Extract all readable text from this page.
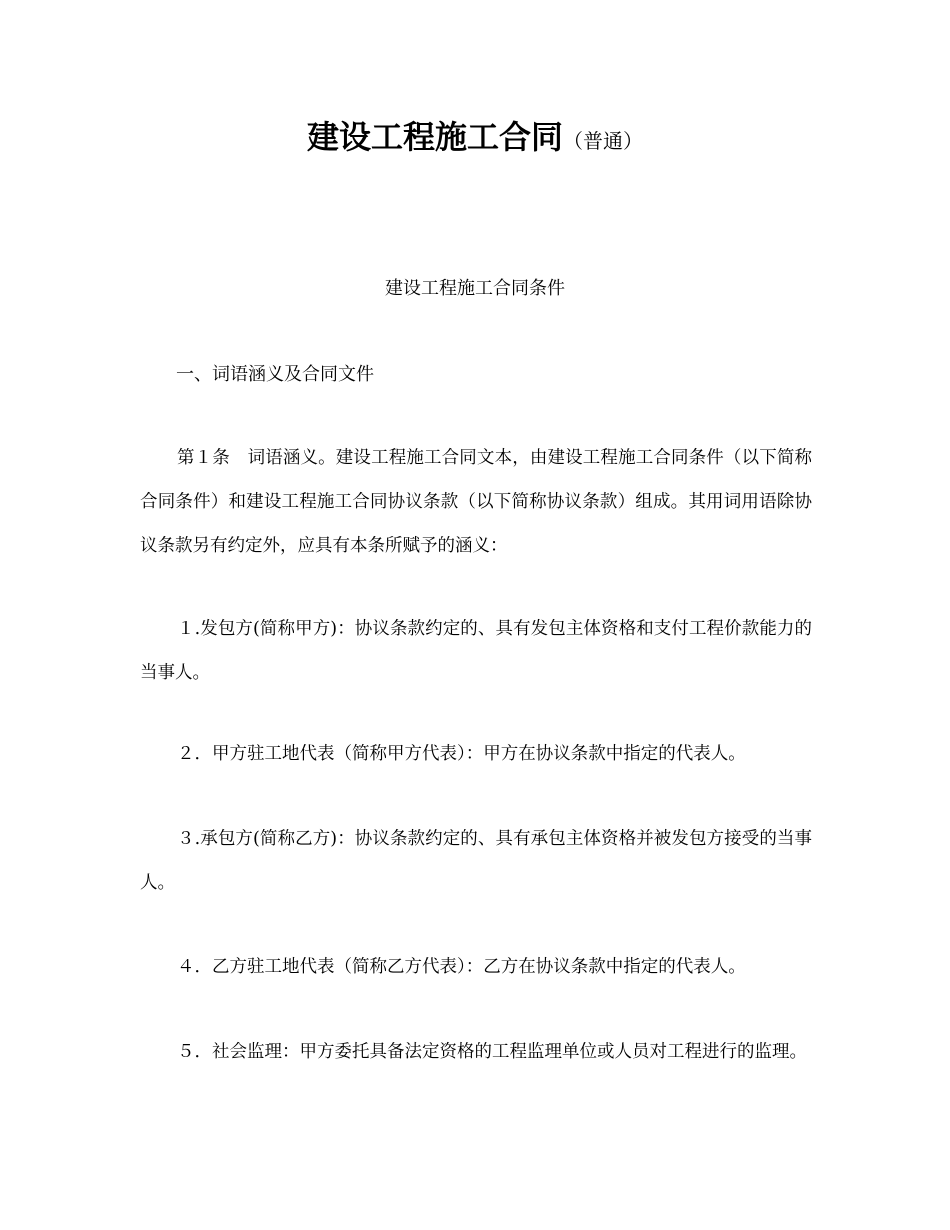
建设工程施工合同（普通）
建设工程施工合同条件
一、词语涵义及合同文件

第１条　词语涵义。建设工程施工合同文本，由建设工程施工合同条件（以下简称合同条件）和建设工程施工合同协议条款（以下简称协议条款）组成。其用词用语除协议条款另有约定外，应具有本条所赋予的涵义：

１.发包方(简称甲方)：协议条款约定的、具有发包主体资格和支付工程价款能力的当事人。

２．甲方驻工地代表（简称甲方代表）：甲方在协议条款中指定的代表人。

３.承包方(简称乙方)：协议条款约定的、具有承包主体资格并被发包方接受的当事人。

４．乙方驻工地代表（简称乙方代表）：乙方在协议条款中指定的代表人。

５．社会监理：甲方委托具备法定资格的工程监理单位或人员对工程进行的监理。
